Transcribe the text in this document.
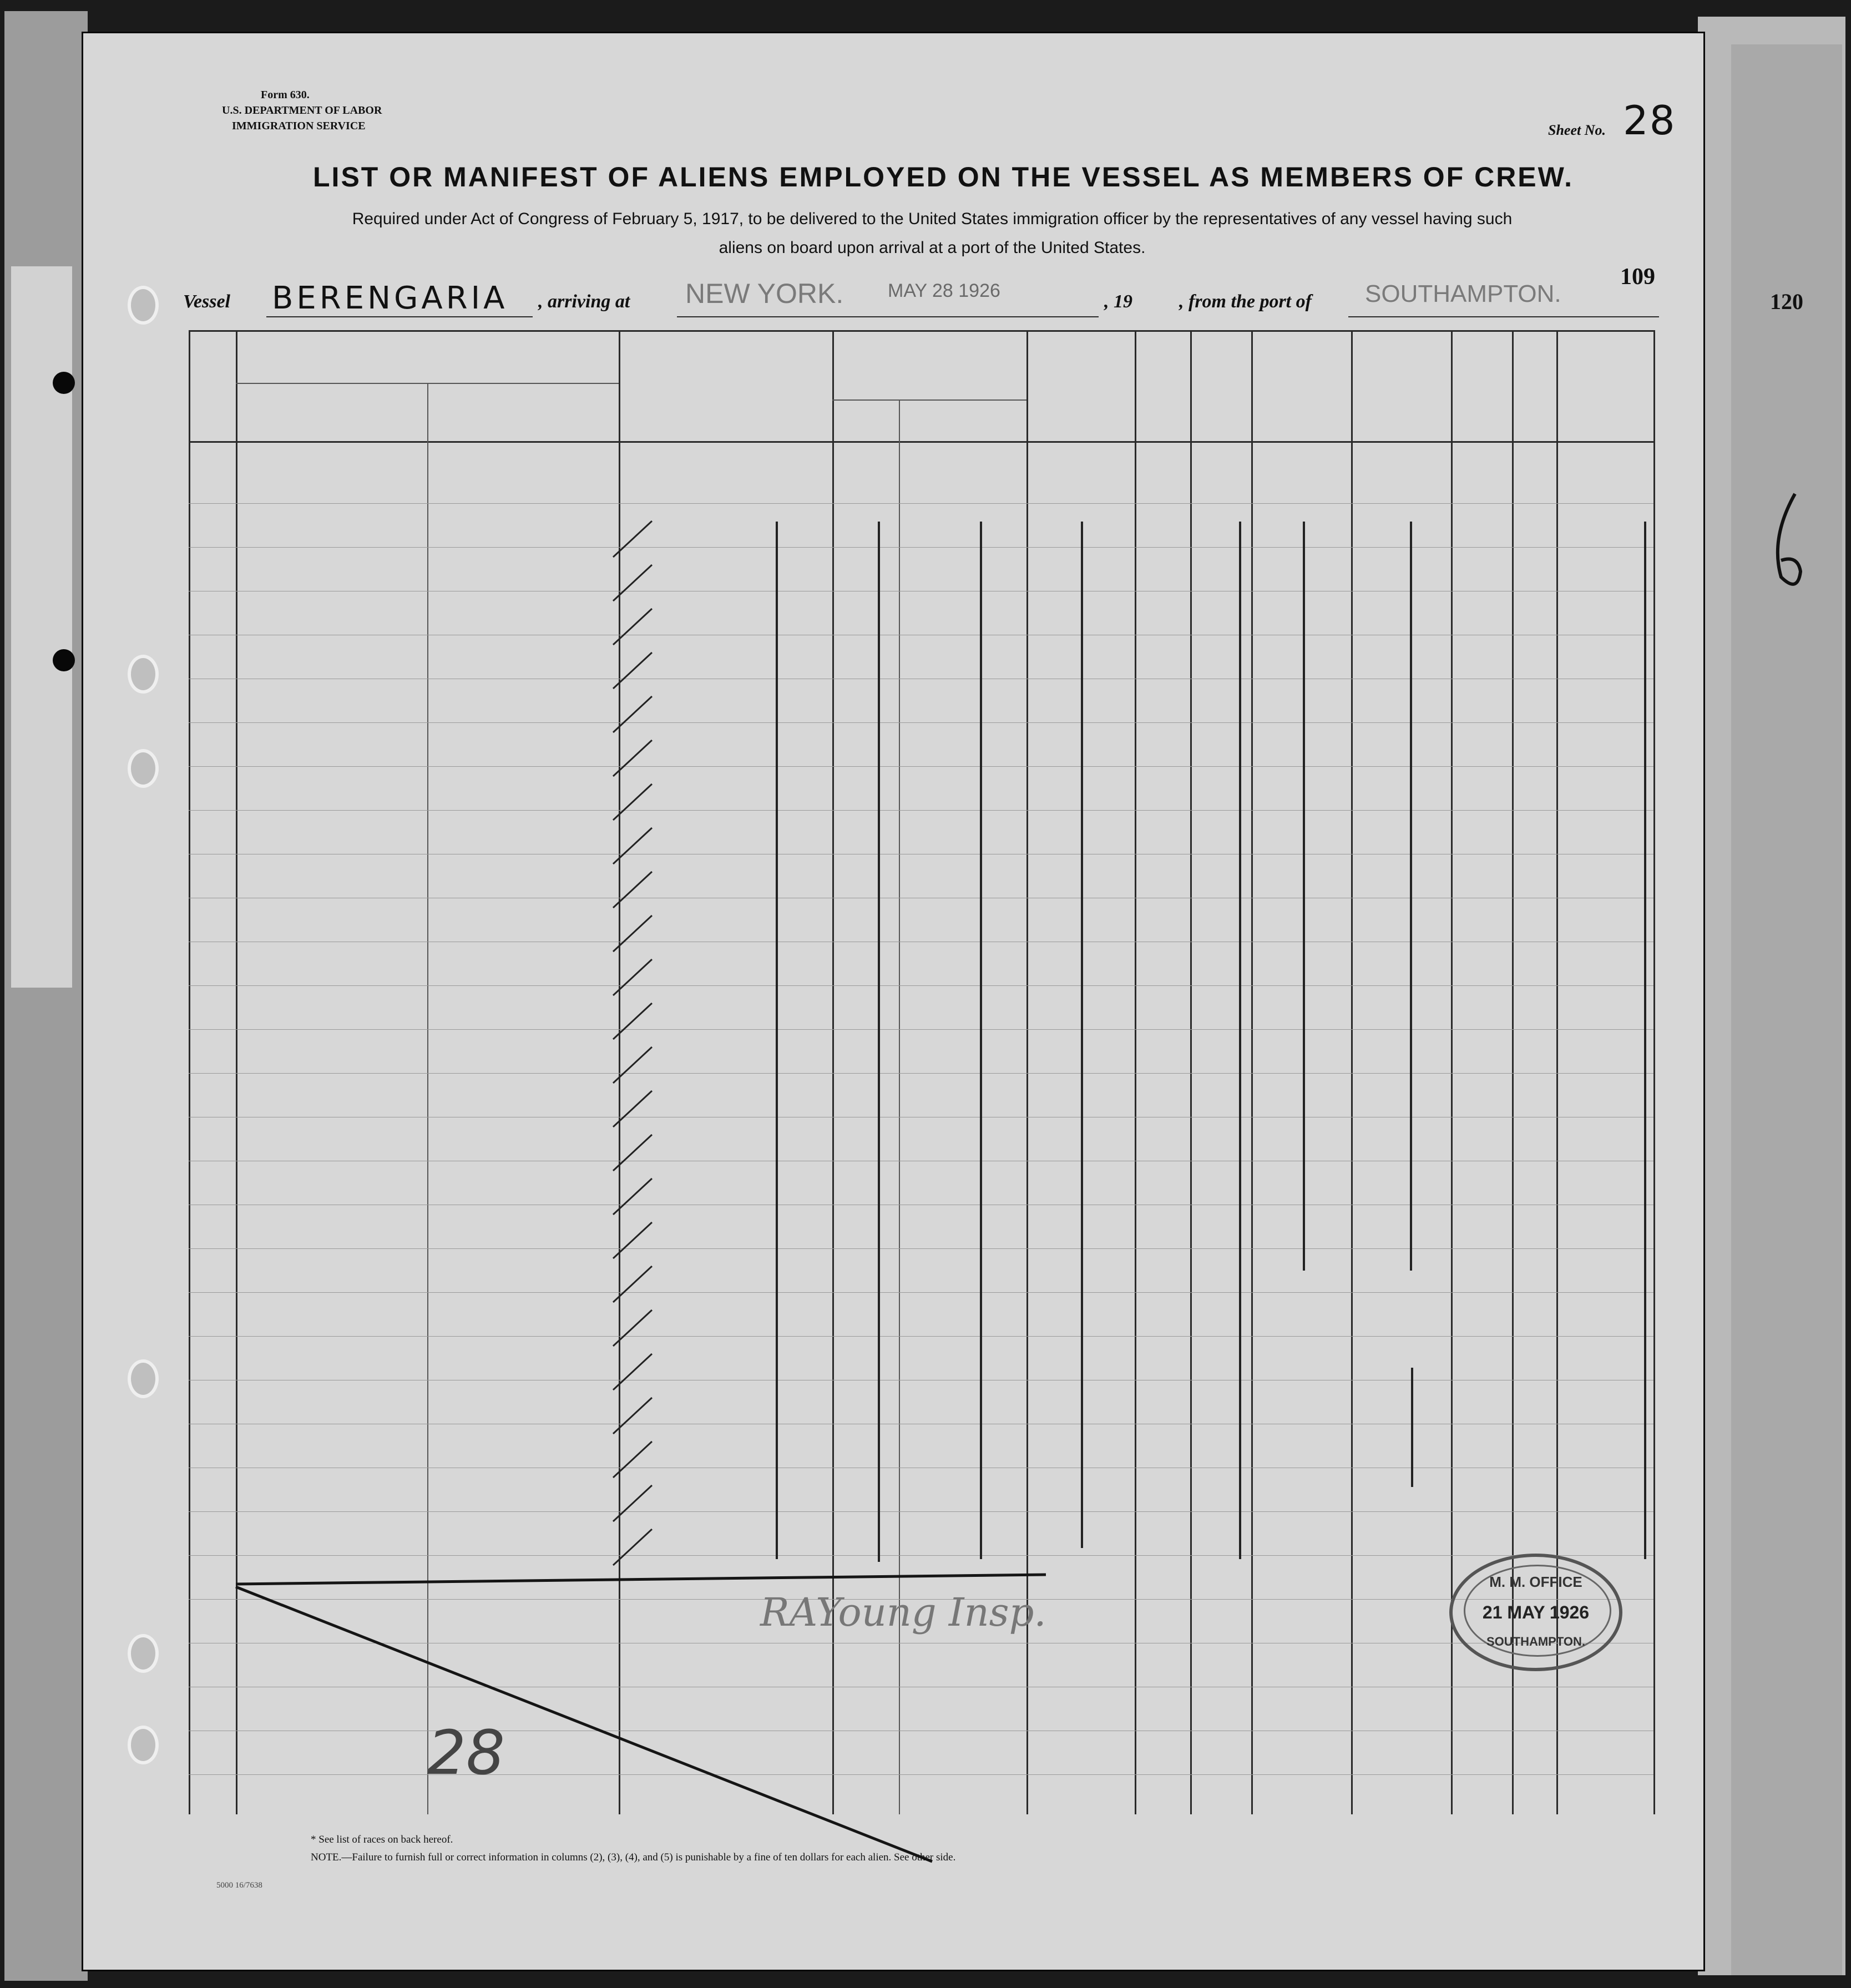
Form 630.
U.S. DEPARTMENT OF LABOR
IMMIGRATION SERVICE	Sheet No. 28
LIST OR MANIFEST OF ALIENS EMPLOYED ON THE VESSEL AS MEMBERS OF CREW.
Required under Act of Congress of February 5, 1917, to be delivered to the United States immigration officer by the representatives of any vessel having such
aliens on board upon arrival at a port of the United States.
Vessel BERENGARIA , arriving at NEW YORK. MAY 28 1926
, 19 , from the port of SOUTHAMPTON.
109
* See list of races on back hereof.
NOTE.—Failure to furnish full or correct information in columns (2), (3), (4), and (5) is punishable by a fine of ten dollars for each alien. See other side.
5000 16/7638
RAYoung Insp.
28
M. M. OFFICE
21 MAY 1926
SOUTHAMPTON.
120
